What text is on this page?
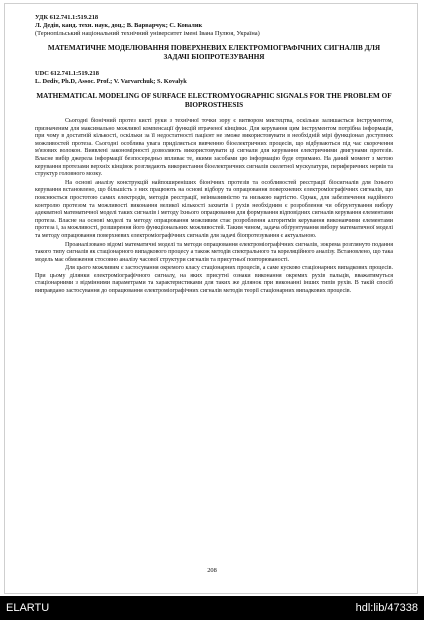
УДК 612.741.1:519.218

Л. Дедів, канд. техн. наук, доц.; В. Варварчук; С. Ковалик

(Тернопільський національний технічний університет імені Івана Пулюя, Україна)

МАТЕМАТИЧНЕ МОДЕЛЮВАННЯ ПОВЕРХНЕВИХ ЕЛЕКТРОМІОГРАФІЧНИХ СИГНАЛІВ ДЛЯ ЗАДАЧІ БІОПРОТЕЗУВАННЯ

UDC 612.741.1:519.218

L. Dediv, Ph.D, Assoc. Prof.; V. Varvarchuk; S. Kovalyk

MATHEMATICAL MODELING OF SURFACE ELECTROMYOGRAPHIC SIGNALS FOR THE PROBLEM OF BIOPROSTHESIS

Сьогодні біонічний протез кисті руки з технічної точки зору є витвором мистецтва, оскільки залишається інструментом, призначеним для максимально можливої компенсації функцій втраченої кінцівки. Для керування цим інструментом потрібна інформація, при чому в достатній кількості, оскільки за її недостатності пацієнт не зможе використовувати в необхідній мірі функціонал доступних можливостей протеза. Сьогодні особлива увага приділяється вивченню біоелектричних процесів, що відбуваються під час скорочення м'язових волокон. Виявлені закономірності дозволяють використовувати ці сигнали для керування електричними двигунами протезів. Власне вибір джерела інформації безпосередньо впливає те, якими засобами цю інформацію буде отримано. На даний момент з метою керування протезами верхніх кінцівок розглядають використання біоелектричних сигналів скелетної мускулатури, периферичних нервів та структур головного мозку.

На основі аналізу конструкцій найпоширеніших біонічних протезів та особливостей реєстрації біосигналів для їхнього керування встановлено, що більшість з них працюють на основі відбору та опрацювання поверхневих електроміографічних сигналів, що пояснюється простотою самих електродів, методів реєстрації, неінвазивністю та низькою вартістю. Однак, для забезпечення надійного контролю протезом та можливості виконання великої кількості захватів і рухів необхідним є розроблення чи обґрунтування вибору адекватної математичної моделі таких сигналів і методу їхнього опрацювання для формування відповідних сигналів керування елементами протеза. Власне на основі моделі та методу опрацювання можливим стає розроблення алгоритмів керування виконавчими елементами протеза і, за можливості, розширення його функціональних можливостей. Таким чином, задача обґрунтування вибору математичної моделі та методу опрацювання поверхневих електроміографічних сигналів для задачі біопротезування є актуальною.

Проаналізовано відомі математичні моделі та методи опрацювання електроміографічних сигналів, зокрема розглянуто подання такого типу сигналів як стаціонарного випадкового процесу а також методів спектрального та кореляційного аналізу. Встановлено, що така модель має обмеження стосовно аналізу часової структури сигналів та присутньої повторюваності.

Для цього можливим є застосування окремого класу стаціонарних процесів, а саме кусково стаціонарних випадкових процесів. При цьому ділянки електроміографічного сигналу, на яких присутні ознаки виконання окремих рухів пальців, вважатимуться стаціонарними з відмінними параметрами та характеристиками для таких же ділянок при виконанні інших типів рухів. В такій спосіб виправдано застосування до опрацювання електроміографічних сигналів методів теорії стаціонарних випадкових процесів.

208
ELARTU	hdl:lib/47338
